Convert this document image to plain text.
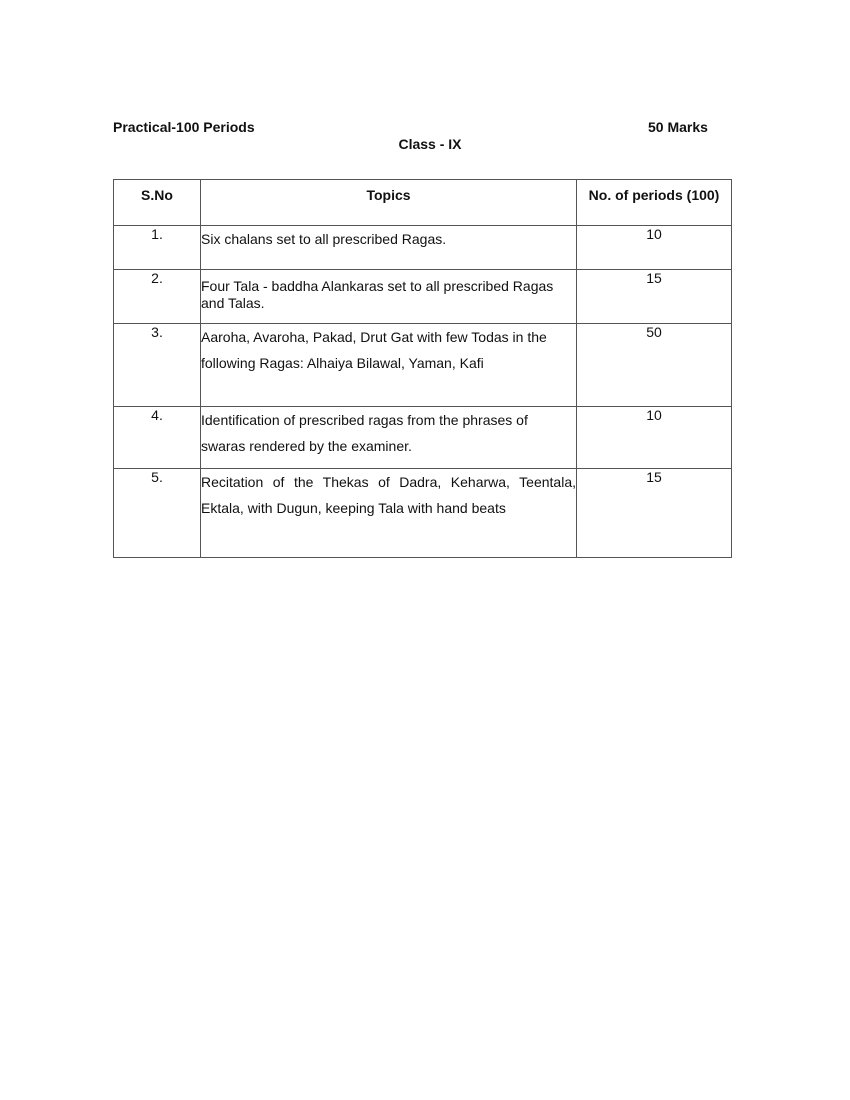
Practical-100 Periods	50 Marks
Class - IX
S.No	Topics	No. of periods (100)
1.	Six chalans set to all prescribed Ragas.	10
2.	Four Tala - baddha Alankaras set to all prescribed Ragas and Talas.	15
3.	Aaroha, Avaroha, Pakad, Drut Gat with few Todas in the following Ragas: Alhaiya Bilawal, Yaman, Kafi	50
4.	Identification of prescribed ragas from the phrases of swaras rendered by the examiner.	10
5.	Recitation of the Thekas of Dadra, Keharwa, Teentala, Ektala, with Dugun, keeping Tala with hand beats	15
